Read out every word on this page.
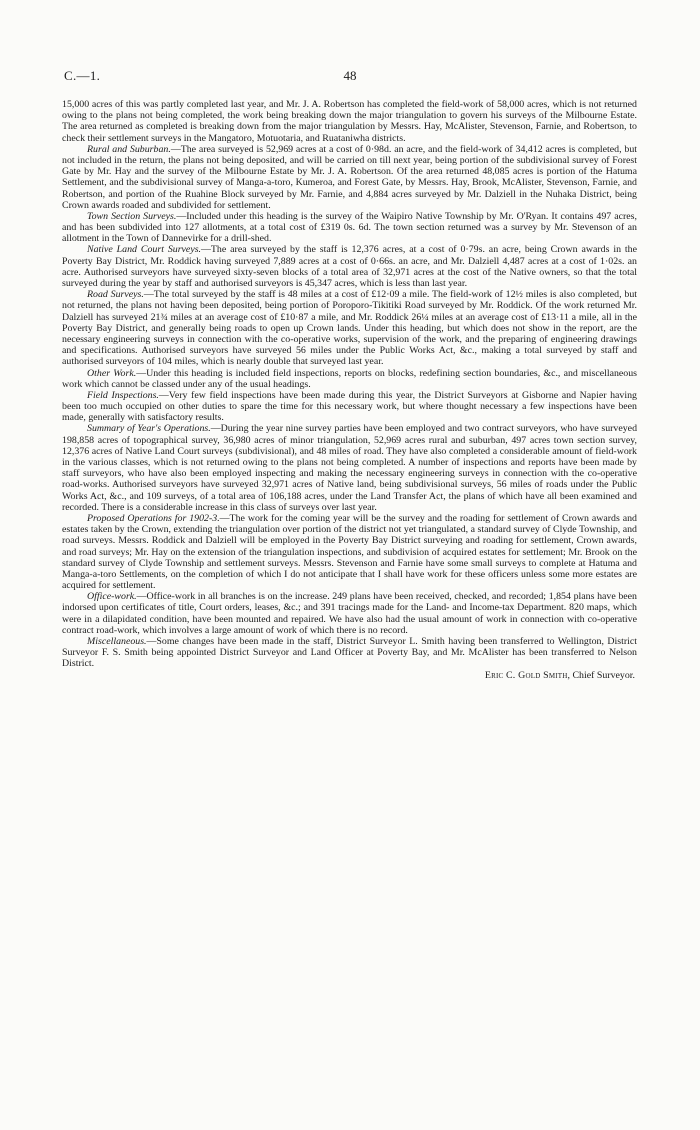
C.—1.	48

15,000 acres of this was partly completed last year, and Mr. J. A. Robertson has completed the field-work of 58,000 acres, which is not returned owing to the plans not being completed, the work being breaking down the major triangulation to govern his surveys of the Milbourne Estate. The area returned as completed is breaking down from the major triangulation by Messrs. Hay, McAlister, Stevenson, Farnie, and Robertson, to check their settlement surveys in the Mangatoro, Motuotaria, and Ruataniwha districts.

Rural and Suburban.—The area surveyed is 52,969 acres at a cost of 0·98d. an acre, and the field-work of 34,412 acres is completed, but not included in the return, the plans not being deposited, and will be carried on till next year, being portion of the subdivisional survey of Forest Gate by Mr. Hay and the survey of the Milbourne Estate by Mr. J. A. Robertson. Of the area returned 48,085 acres is portion of the Hatuma Settlement, and the subdivisional survey of Manga-a-toro, Kumeroa, and Forest Gate, by Messrs. Hay, Brook, McAlister, Stevenson, Farnie, and Robertson, and portion of the Ruahine Block surveyed by Mr. Farnie, and 4,884 acres surveyed by Mr. Dalziell in the Nuhaka District, being Crown awards roaded and subdivided for settlement.

Town Section Surveys.—Included under this heading is the survey of the Waipiro Native Township by Mr. O'Ryan. It contains 497 acres, and has been subdivided into 127 allotments, at a total cost of £319 0s. 6d. The town section returned was a survey by Mr. Stevenson of an allotment in the Town of Dannevirke for a drill-shed.

Native Land Court Surveys.—The area surveyed by the staff is 12,376 acres, at a cost of 0·79s. an acre, being Crown awards in the Poverty Bay District, Mr. Roddick having surveyed 7,889 acres at a cost of 0·66s. an acre, and Mr. Dalziell 4,487 acres at a cost of 1·02s. an acre. Authorised surveyors have surveyed sixty-seven blocks of a total area of 32,971 acres at the cost of the Native owners, so that the total surveyed during the year by staff and authorised surveyors is 45,347 acres, which is less than last year.

Road Surveys.—The total surveyed by the staff is 48 miles at a cost of £12·09 a mile. The field-work of 12½ miles is also completed, but not returned, the plans not having been deposited, being portion of Poroporo-Tikitiki Road surveyed by Mr. Roddick. Of the work returned Mr. Dalziell has surveyed 21¾ miles at an average cost of £10·87 a mile, and Mr. Roddick 26¼ miles at an average cost of £13·11 a mile, all in the Poverty Bay District, and generally being roads to open up Crown lands. Under this heading, but which does not show in the report, are the necessary engineering surveys in connection with the co-operative works, supervision of the work, and the preparing of engineering drawings and specifications. Authorised surveyors have surveyed 56 miles under the Public Works Act, &c., making a total surveyed by staff and authorised surveyors of 104 miles, which is nearly double that surveyed last year.

Other Work.—Under this heading is included field inspections, reports on blocks, redefining section boundaries, &c., and miscellaneous work which cannot be classed under any of the usual headings.

Field Inspections.—Very few field inspections have been made during this year, the District Surveyors at Gisborne and Napier having been too much occupied on other duties to spare the time for this necessary work, but where thought necessary a few inspections have been made, generally with satisfactory results.

Summary of Year's Operations.—During the year nine survey parties have been employed and two contract surveyors, who have surveyed 198,858 acres of topographical survey, 36,980 acres of minor triangulation, 52,969 acres rural and suburban, 497 acres town section survey, 12,376 acres of Native Land Court surveys (subdivisional), and 48 miles of road. They have also completed a considerable amount of field-work in the various classes, which is not returned owing to the plans not being completed. A number of inspections and reports have been made by staff surveyors, who have also been employed inspecting and making the necessary engineering surveys in connection with the co-operative road-works. Authorised surveyors have surveyed 32,971 acres of Native land, being subdivisional surveys, 56 miles of roads under the Public Works Act, &c., and 109 surveys, of a total area of 106,188 acres, under the Land Transfer Act, the plans of which have all been examined and recorded. There is a considerable increase in this class of surveys over last year.

Proposed Operations for 1902-3.—The work for the coming year will be the survey and the roading for settlement of Crown awards and estates taken by the Crown, extending the triangulation over portion of the district not yet triangulated, a standard survey of Clyde Township, and road surveys. Messrs. Roddick and Dalziell will be employed in the Poverty Bay District surveying and roading for settlement, Crown awards, and road surveys; Mr. Hay on the extension of the triangulation inspections, and subdivision of acquired estates for settlement; Mr. Brook on the standard survey of Clyde Township and settlement surveys. Messrs. Stevenson and Farnie have some small surveys to complete at Hatuma and Manga-a-toro Settlements, on the completion of which I do not anticipate that I shall have work for these officers unless some more estates are acquired for settlement.

Office-work.—Office-work in all branches is on the increase. 249 plans have been received, checked, and recorded; 1,854 plans have been indorsed upon certificates of title, Court orders, leases, &c.; and 391 tracings made for the Land- and Income-tax Department. 820 maps, which were in a dilapidated condition, have been mounted and repaired. We have also had the usual amount of work in connection with co-operative contract road-work, which involves a large amount of work of which there is no record.

Miscellaneous.—Some changes have been made in the staff, District Surveyor L. Smith having been transferred to Wellington, District Surveyor F. S. Smith being appointed District Surveyor and Land Officer at Poverty Bay, and Mr. McAlister has been transferred to Nelson District.

Eric C. Gold Smith, Chief Surveyor.
